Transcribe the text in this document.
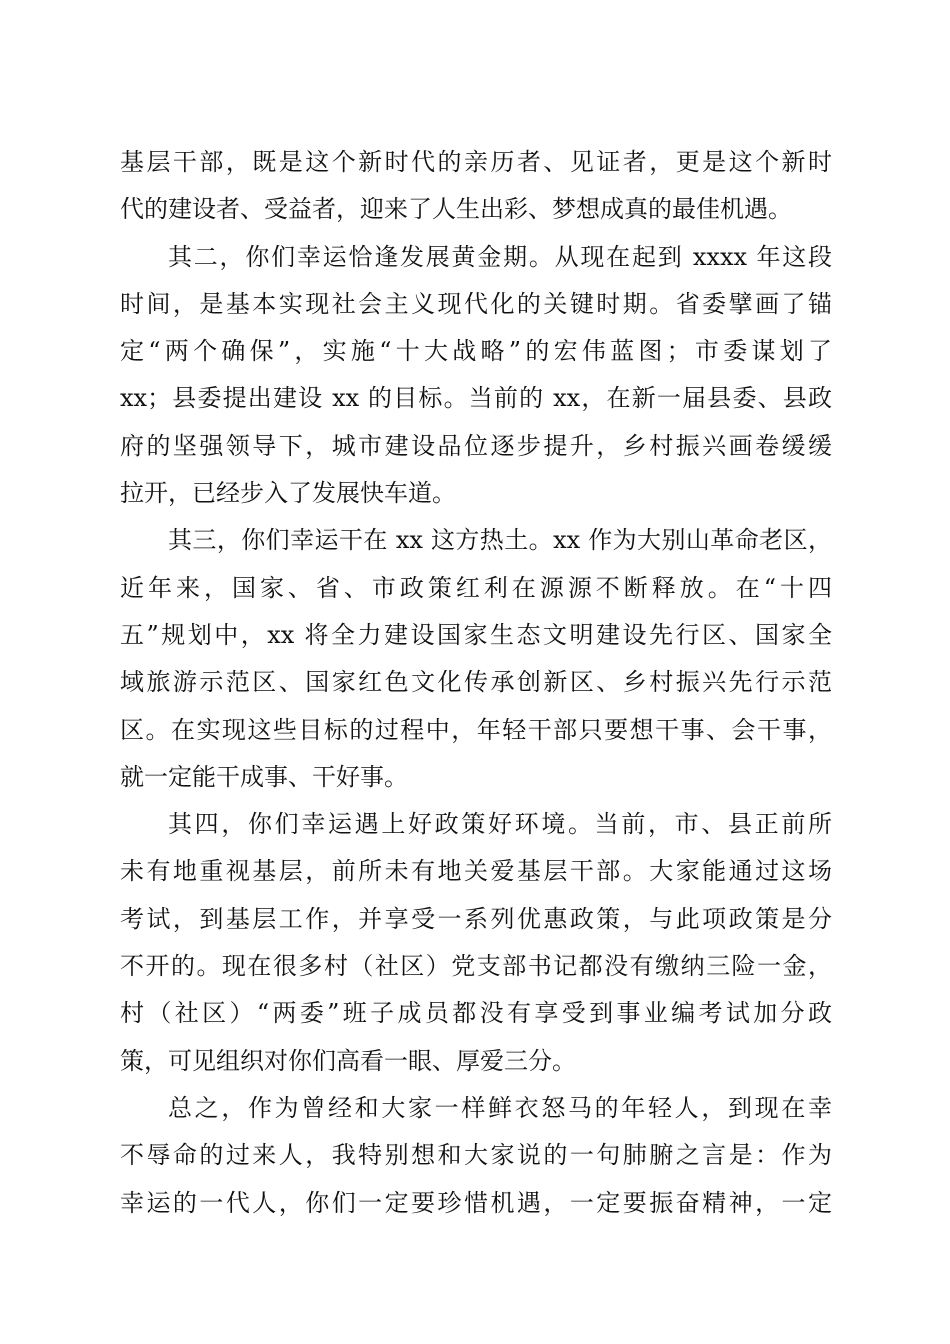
基层干部，既是这个新时代的亲历者、见证者，更是这个新时
代的建设者、受益者，迎来了人生出彩、梦想成真的最佳机遇。
其二，你们幸运恰逢发展黄金期。从现在起到 xxxx 年这段
时间，是基本实现社会主义现代化的关键时期。省委擘画了锚
定“两个确保”，实施“十大战略”的宏伟蓝图；市委谋划了
xx；县委提出建设 xx 的目标。当前的 xx，在新一届县委、县政
府的坚强领导下，城市建设品位逐步提升，乡村振兴画卷缓缓
拉开，已经步入了发展快车道。
其三，你们幸运干在 xx 这方热土。xx 作为大别山革命老区，
近年来，国家、省、市政策红利在源源不断释放。在“十四
五”规划中，xx 将全力建设国家生态文明建设先行区、国家全
域旅游示范区、国家红色文化传承创新区、乡村振兴先行示范
区。在实现这些目标的过程中，年轻干部只要想干事、会干事，
就一定能干成事、干好事。
其四，你们幸运遇上好政策好环境。当前，市、县正前所
未有地重视基层，前所未有地关爱基层干部。大家能通过这场
考试，到基层工作，并享受一系列优惠政策，与此项政策是分
不开的。现在很多村（社区）党支部书记都没有缴纳三险一金，
村（社区）“两委”班子成员都没有享受到事业编考试加分政
策，可见组织对你们高看一眼、厚爱三分。
总之，作为曾经和大家一样鲜衣怒马的年轻人，到现在幸
不辱命的过来人，我特别想和大家说的一句肺腑之言是：作为
幸运的一代人，你们一定要珍惜机遇，一定要振奋精神，一定
